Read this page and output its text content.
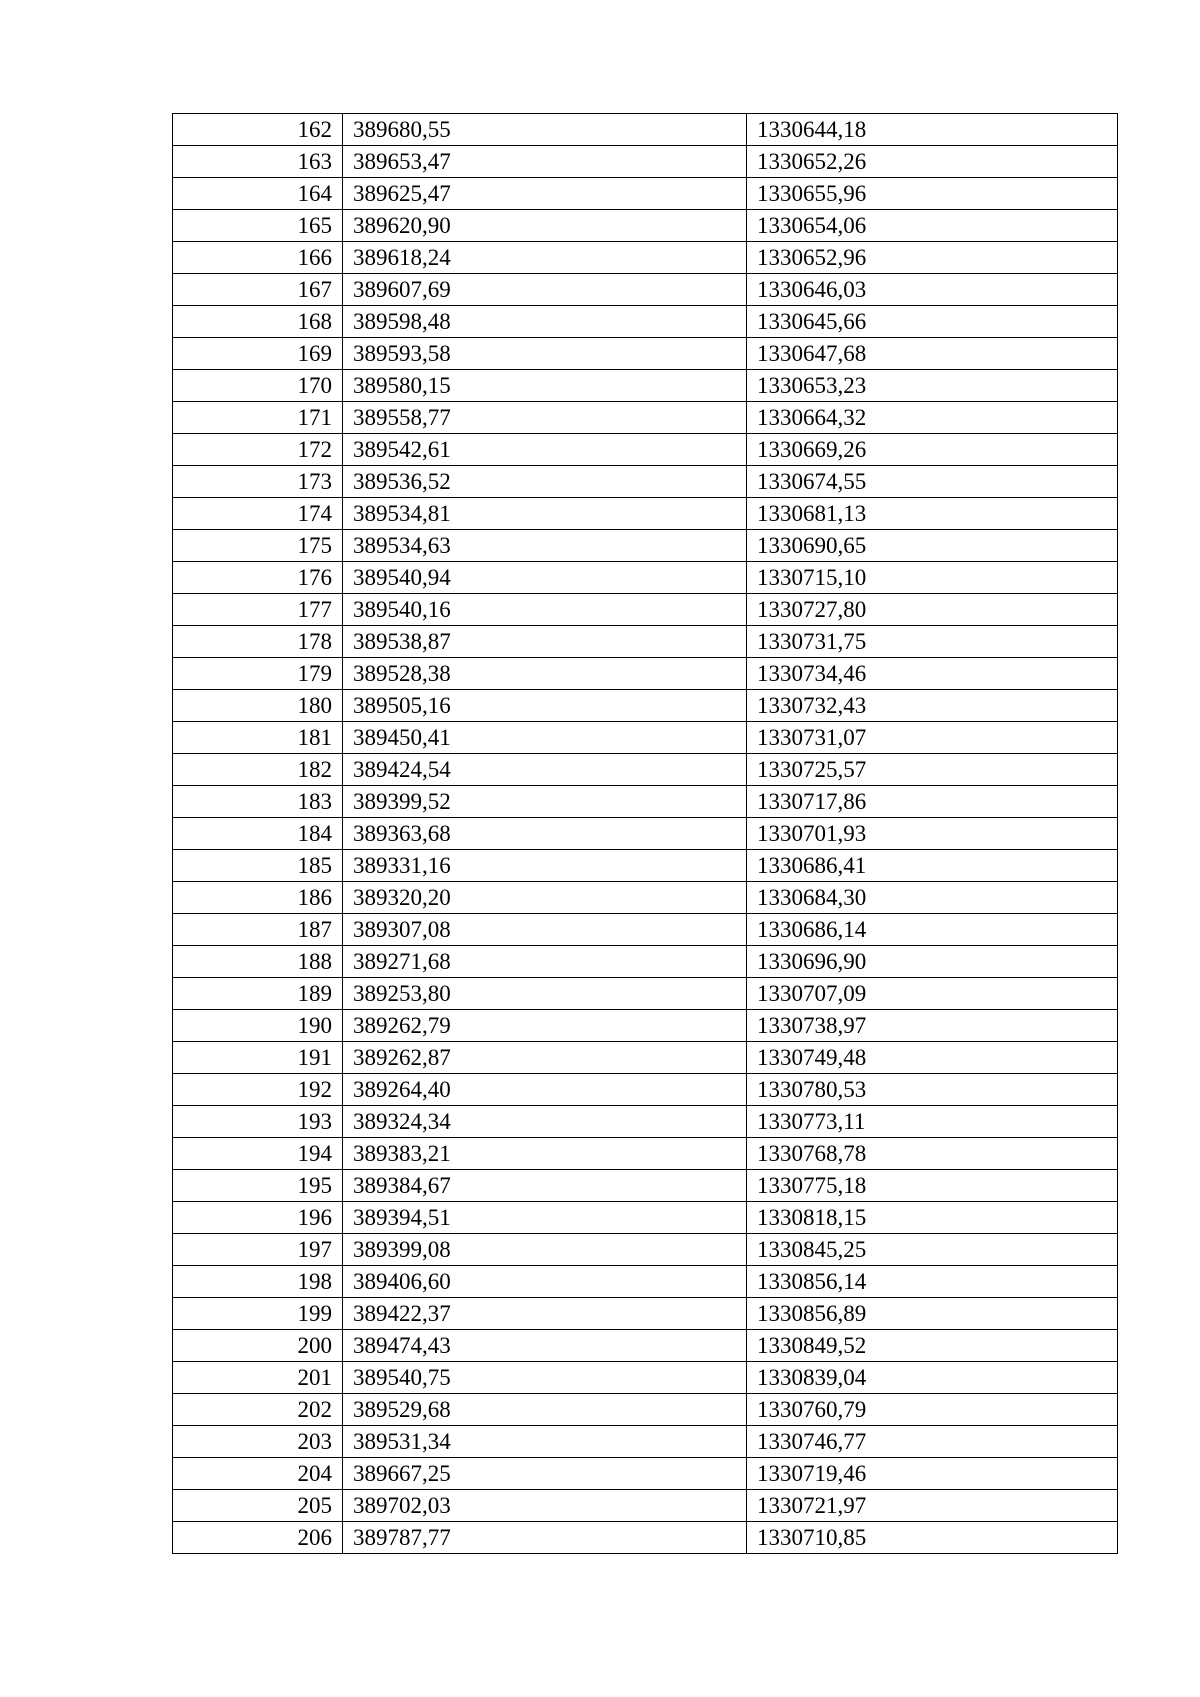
162	389680,55	1330644,18
163	389653,47	1330652,26
164	389625,47	1330655,96
165	389620,90	1330654,06
166	389618,24	1330652,96
167	389607,69	1330646,03
168	389598,48	1330645,66
169	389593,58	1330647,68
170	389580,15	1330653,23
171	389558,77	1330664,32
172	389542,61	1330669,26
173	389536,52	1330674,55
174	389534,81	1330681,13
175	389534,63	1330690,65
176	389540,94	1330715,10
177	389540,16	1330727,80
178	389538,87	1330731,75
179	389528,38	1330734,46
180	389505,16	1330732,43
181	389450,41	1330731,07
182	389424,54	1330725,57
183	389399,52	1330717,86
184	389363,68	1330701,93
185	389331,16	1330686,41
186	389320,20	1330684,30
187	389307,08	1330686,14
188	389271,68	1330696,90
189	389253,80	1330707,09
190	389262,79	1330738,97
191	389262,87	1330749,48
192	389264,40	1330780,53
193	389324,34	1330773,11
194	389383,21	1330768,78
195	389384,67	1330775,18
196	389394,51	1330818,15
197	389399,08	1330845,25
198	389406,60	1330856,14
199	389422,37	1330856,89
200	389474,43	1330849,52
201	389540,75	1330839,04
202	389529,68	1330760,79
203	389531,34	1330746,77
204	389667,25	1330719,46
205	389702,03	1330721,97
206	389787,77	1330710,85
